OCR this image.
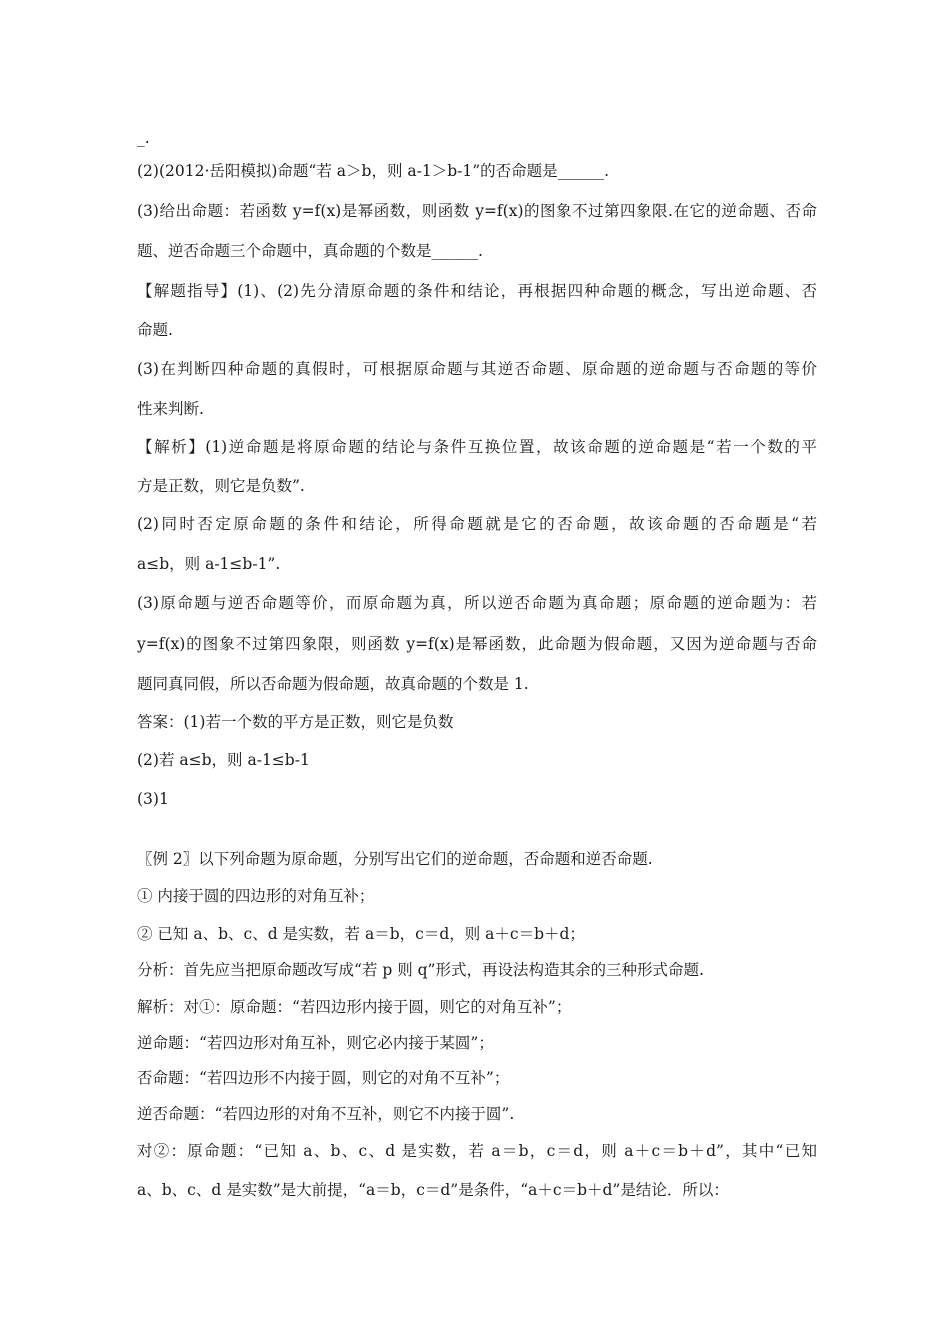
_.
(2)(2012·岳阳模拟)命题“若 a＞b，则 a-1＞b-1”的否命题是______.
(3)给出命题：若函数 y=f(x)是幂函数，则函数 y=f(x)的图象不过第四象限.在它的逆命题、否命
题、逆否命题三个命题中，真命题的个数是______.
【解题指导】(1)、(2)先分清原命题的条件和结论，再根据四种命题的概念，写出逆命题、否
命题.
(3)在判断四种命题的真假时，可根据原命题与其逆否命题、原命题的逆命题与否命题的等价
性来判断.
【解析】(1)逆命题是将原命题的结论与条件互换位置，故该命题的逆命题是“若一个数的平
方是正数，则它是负数”.
(2)同时否定原命题的条件和结论，所得命题就是它的否命题，故该命题的否命题是“若
a≤b，则 a-1≤b-1”.
(3)原命题与逆否命题等价，而原命题为真，所以逆否命题为真命题；原命题的逆命题为：若
y=f(x)的图象不过第四象限，则函数 y=f(x)是幂函数，此命题为假命题，又因为逆命题与否命
题同真同假，所以否命题为假命题，故真命题的个数是 1.
答案：(1)若一个数的平方是正数，则它是负数
(2)若 a≤b，则 a-1≤b-1
(3)1
〖例 2〗以下列命题为原命题，分别写出它们的逆命题，否命题和逆否命题.
① 内接于圆的四边形的对角互补；
② 已知 a、b、c、d 是实数，若 a＝b，c＝d，则 a＋c＝b＋d；
分析：首先应当把原命题改写成“若 p 则 q”形式，再设法构造其余的三种形式命题.
解析：对①：原命题：“若四边形内接于圆，则它的对角互补”；
逆命题：“若四边形对角互补，则它必内接于某圆”；
否命题：“若四边形不内接于圆，则它的对角不互补”；
逆否命题：“若四边形的对角不互补，则它不内接于圆”.
对②：原命题：“已知 a、b、c、d 是实数，若 a＝b，c＝d，则 a＋c＝b＋d”，其中“已知
a、b、c、d 是实数”是大前提，“a＝b，c＝d”是条件，“a＋c＝b＋d”是结论．所以：
